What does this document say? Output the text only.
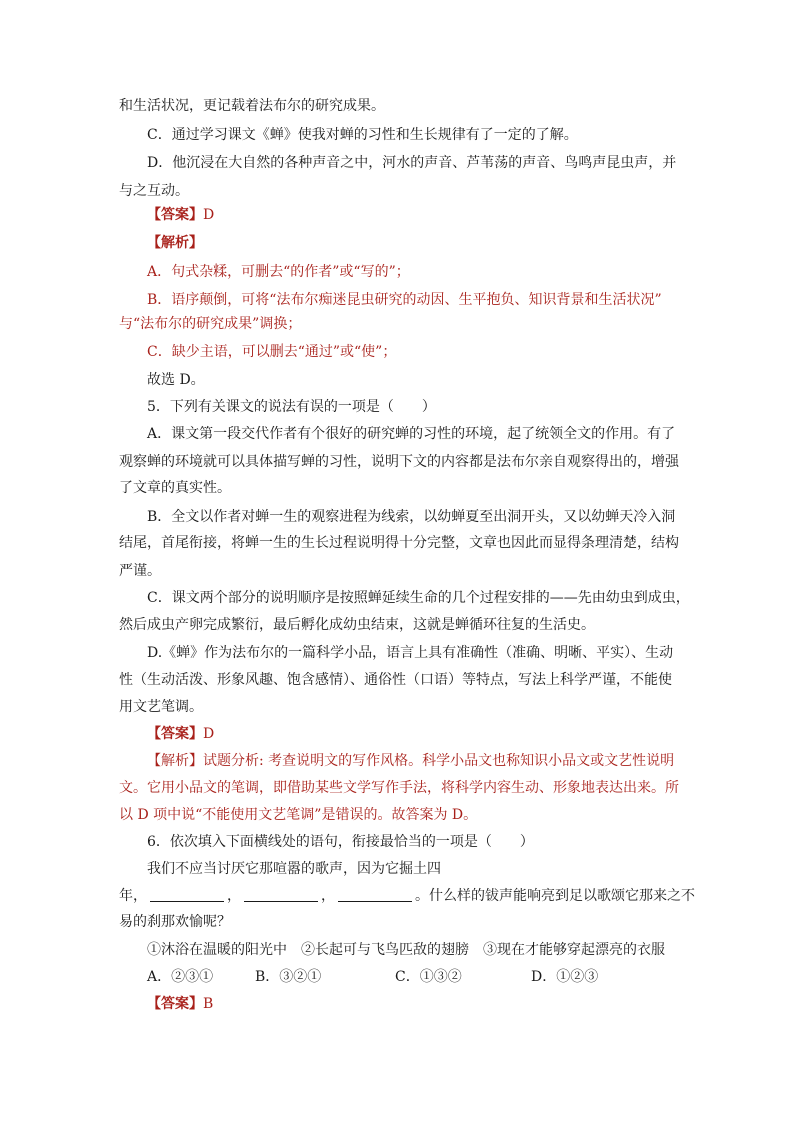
和生活状况，更记载着法布尔的研究成果。

C．通过学习课文《蝉》使我对蝉的习性和生长规律有了一定的了解。

D．他沉浸在大自然的各种声音之中，河水的声音、芦苇荡的声音、鸟鸣声昆虫声，并

与之互动。

【答案】D

【解析】

A．句式杂糅，可删去“的作者”或“写的”；

B．语序颠倒，可将“法布尔痴迷昆虫研究的动因、生平抱负、知识背景和生活状况”

与“法布尔的研究成果”调换；

C．缺少主语，可以删去“通过”或“使”；

故选 D。

5．下列有关课文的说法有误的一项是（　　）

A．课文第一段交代作者有个很好的研究蝉的习性的环境，起了统领全文的作用。有了

观察蝉的环境就可以具体描写蝉的习性，说明下文的内容都是法布尔亲自观察得出的，增强

了文章的真实性。

B．全文以作者对蝉一生的观察进程为线索，以幼蝉夏至出洞开头，又以幼蝉天冷入洞

结尾，首尾衔接，将蝉一生的生长过程说明得十分完整，文章也因此而显得条理清楚，结构

严谨。

C．课文两个部分的说明顺序是按照蝉延续生命的几个过程安排的——先由幼虫到成虫，

然后成虫产卵完成繁衍，最后孵化成幼虫结束，这就是蝉循环往复的生活史。

D.《蝉》作为法布尔的一篇科学小品，语言上具有准确性（准确、明晰、平实）、生动

性（生动活泼、形象风趣、饱含感情）、通俗性（口语）等特点，写法上科学严谨，不能使

用文艺笔调。

【答案】D

【解析】试题分析: 考查说明文的写作风格。科学小品文也称知识小品文或文艺性说明

文。它用小品文的笔调，即借助某些文学写作手法，将科学内容生动、形象地表达出来。所

以 D 项中说“不能使用文艺笔调”是错误的。故答案为 D。

6．依次填入下面横线处的语句，衔接最恰当的一项是（　　）

我们不应当讨厌它那喧嚣的歌声，因为它掘土四

年，	，	，	。什么样的钹声能响亮到足以歌颂它那来之不

易的刹那欢愉呢？

①沐浴在温暖的阳光中　②长起可与飞鸟匹敌的翅膀　③现在才能够穿起漂亮的衣服

A．②③①	B．③②①	C．①③②	D．①②③

【答案】B
